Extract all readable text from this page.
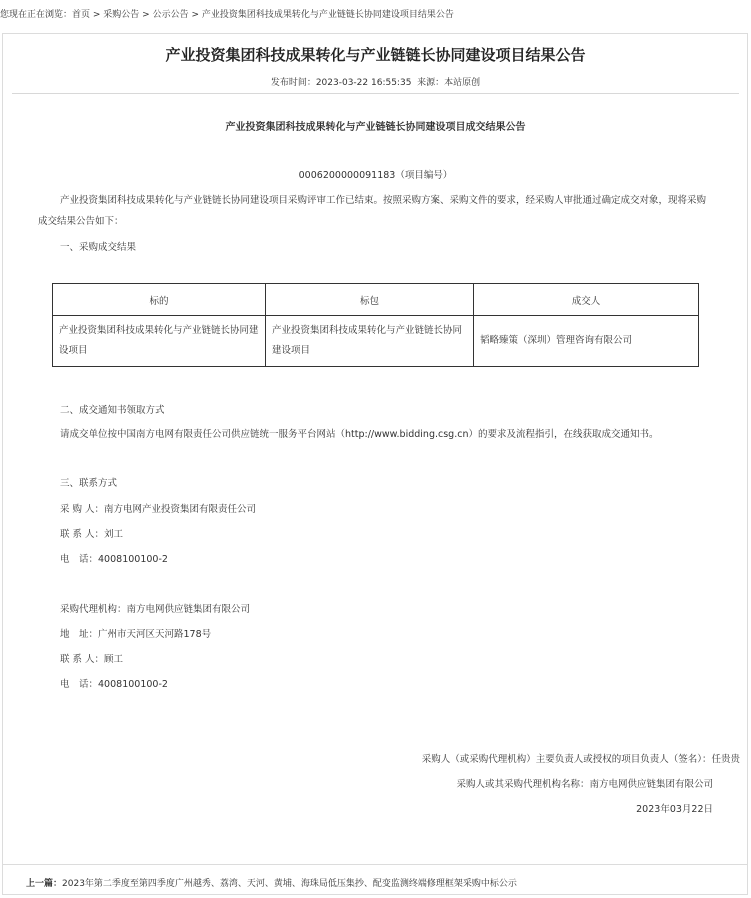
您现在正在浏览：首页 > 采购公告 > 公示公告 > 产业投资集团科技成果转化与产业链链长协同建设项目结果公告
产业投资集团科技成果转化与产业链链长协同建设项目结果公告
发布时间：2023-03-22 16:55:35 来源：本站原创
产业投资集团科技成果转化与产业链链长协同建设项目成交结果公告
0006200000091183（项目编号）
产业投资集团科技成果转化与产业链链长协同建设项目采购评审工作已结束。按照采购方案、采购文件的要求，经采购人审批通过确定成交对象，现将采购成交结果公告如下：
一、采购成交结果
标的	标包	成交人
产业投资集团科技成果转化与产业链链长协同建设项目	产业投资集团科技成果转化与产业链链长协同建设项目	韬略臻策（深圳）管理咨询有限公司
二、成交通知书领取方式
请成交单位按中国南方电网有限责任公司供应链统一服务平台网站（http://www.bidding.csg.cn）的要求及流程指引，在线获取成交通知书。
三、联系方式
采 购 人：南方电网产业投资集团有限责任公司
联 系 人：刘工
电　话：4008100100-2
采购代理机构：南方电网供应链集团有限公司
地　址：广州市天河区天河路178号
联 系 人：顾工
电　话：4008100100-2
采购人（或采购代理机构）主要负责人或授权的项目负责人（签名）：任贵贵
采购人或其采购代理机构名称：南方电网供应链集团有限公司
2023年03月22日
上一篇：2023年第二季度至第四季度广州越秀、荔湾、天河、黄埔、海珠局低压集抄、配变监测终端修理框架采购中标公示
